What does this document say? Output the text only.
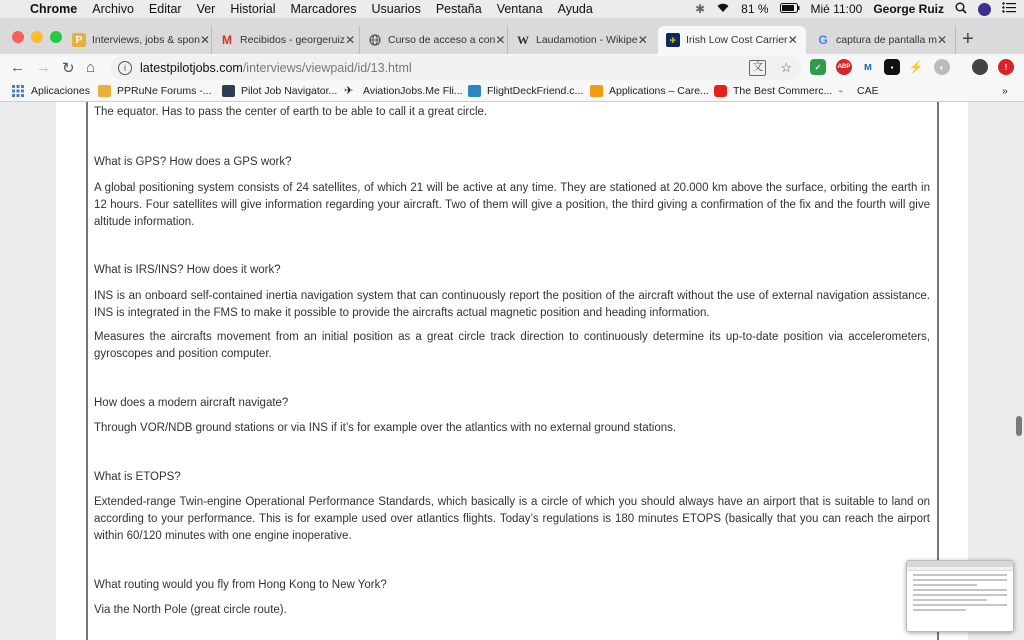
Chrome Archivo Editar Ver Historial Marcadores Usuarios Pestaña Ventana Ayuda	✱	81 %	Mié 11:00 George Ruiz
P Interviews, jobs & spon ✕ M Recibidos - georgeruiz ✕	Curso de acceso a con ✕ W Laudamotion - Wikipe ✕	✈ Irish Low Cost Carrier ✕ G captura de pantalla m ✕ +
← → ↻ ⌂	i	latestpilotjobs.com /interviews/viewpaid/id/13.html	文 ☆	✓	ABP	ᴍ	▪	⚡	◐	!
Aplicaciones	PPRuNe Forums -...	Pilot Job Navigator... ✈ AviationJobs.Me Fli... FlightDeckFriend.c... Applications – Care... The Best Commerc... ⌁	CAE	»

The equator. Has to pass the center of earth to be able to call it a great circle.

What is GPS? How does a GPS work?

A global positioning system consists of 24 satellites, of which 21 will be active at any time. They are stationed at 20.000 km above the surface, orbiting the earth in 12 hours. Four satellites will give information regarding your aircraft. Two of them will give a position, the third giving a confirmation of the fix and the fourth will give altitude information.

What is IRS/INS? How does it work?

INS is an onboard self-contained inertia navigation system that can continuously report the position of the aircraft without the use of external navigation assistance. INS is integrated in the FMS to make it possible to provide the aircrafts actual magnetic position and heading information.

Measures the aircrafts movement from an initial position as a great circle track direction to continuously determine its up-to-date position via accelerometers, gyroscopes and position computer.

How does a modern aircraft navigate?

Through VOR/NDB ground stations or via INS if it’s for example over the atlantics with no external ground stations.

What is ETOPS?

Extended-range Twin-engine Operational Performance Standards, which basically is a circle of which you should always have an airport that is suitable to land on according to your performance. This is for example used over atlantics flights. Today’s regulations is 180 minutes ETOPS (basically that you can reach the airport within 60/120 minutes with one engine inoperative.

What routing would you fly from Hong Kong to New York?

Via the North Pole (great circle route).
